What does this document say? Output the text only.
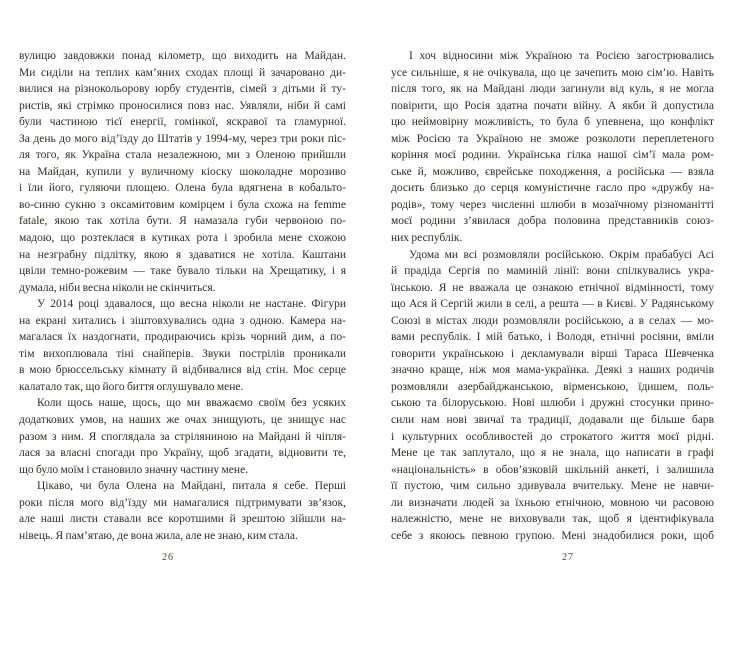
вулицю завдовжки понад кілометр, що виходить на Майдан.
Ми сиділи на теплих кам’яних сходах площі й зачаровано ди-
вилися на різнокольорову юрбу студентів, сімей з дітьми й ту-
ристів, які стрімко проносилися повз нас. Уявляли, ніби й самі
були частиною тієї енергії, гомінкої, яскравої та гламурної.
За день до мого від’їзду до Штатів у 1994-му, через три роки піс-
ля того, як Україна стала незалежною, ми з Оленою прийшли
на Майдан, купили у вуличному кіоску шоколадне морозиво
і їли його, гуляючи площею. Олена була вдягнена в кобальто-
во-синю сукню з оксамитовим комірцем і була схожа на femme
fatale, якою так хотіла бути. Я намазала губи червоною по-
мадою, що розтеклася в кутиках рота і зробила мене схожою
на незграбну підлітку, якою я здаватися не хотіла. Каштани
цвіли темно-рожевим — таке бувало тільки на Хрещатику, і я
думала, ніби весна ніколи не скінчиться.
У 2014 році здавалося, що весна ніколи не настане. Фігури
на екрані хитались і зіштовхувались одна з одною. Камера на-
магалася їх наздогнати, продираючись крізь чорний дим, а по-
тім вихоплювала тіні снайперів. Звуки пострілів проникали
в мою брюссельську кімнату й відбивалися від стін. Моє серце
калатало так, що його биття оглушувало мене.
Коли щось наше, щось, що ми вважаємо своїм без усяких
додаткових умов, на наших же очах знищують, це знищує нас
разом з ним. Я споглядала за стріляниною на Майдані й чіпля-
лася за власні спогади про Україну, щоб згадати, відновити те,
що було моїм і становило значну частину мене.
Цікаво, чи була Олена на Майдані, питала я себе. Перші
роки після мого від’їзду ми намагалися підтримувати зв’язок,
але наші листи ставали все коротшими й зрештою зійшли на-
нівець. Я пам’ятаю, де вона жила, але не знаю, ким стала.
26
І хоч відносини між Україною та Росією загострювались
усе сильніше, я не очікувала, що це зачепить мою сім’ю. Навіть
після того, як на Майдані люди загинули від куль, я не могла
повірити, що Росія здатна почати війну. А якби й допустила
цю неймовірну можливість, то була б упевнена, що конфлікт
між Росією та Україною не зможе розколоти переплетеного
коріння моєї родини. Українська гілка нашої сім’ї мала ром-
ське й, можливо, єврейське походження, а російська — взяла
досить близько до серця комуністичне гасло про «дружбу на-
родів», тому через численні шлюби в мозаїчному різноманітті
моєї родини з’явилася добра половина представників союз-
них республік.
Удома ми всі розмовляли російською. Окрім прабабусі Асі
й прадіда Сергія по маминій лінії: вони спілкувались укра-
їнською. Я не вважала це ознакою етнічної відмінності, тому
що Ася й Сергій жили в селі, а решта — в Києві. У Радянському
Союзі в містах люди розмовляли російською, а в селах — мо-
вами республік. І мій батько, і Володя, етнічні росіяни, вміли
говорити українською і декламували вірші Тараса Шевченка
значно краще, ніж моя мама-українка. Деякі з наших родичів
розмовляли азербайджанською, вірменською, їдишем, поль-
ською та білоруською. Нові шлюби і дружні стосунки прино-
сили нам нові звичаї та традиції, додавали ще більше барв
і культурних особливостей до строкатого життя моєї рідні.
Мене це так заплутало, що я не знала, що написати в графі
«національність» в обов’язковій шкільній анкеті, і залишила
її пустою, чим сильно здивувала вчительку. Мене не навчи-
ли визначати людей за їхньою етнічною, мовною чи расовою
належністю, мене не виховували так, щоб я ідентифікувала
себе з якоюсь певною групою. Мені знадобилися роки, щоб
27
